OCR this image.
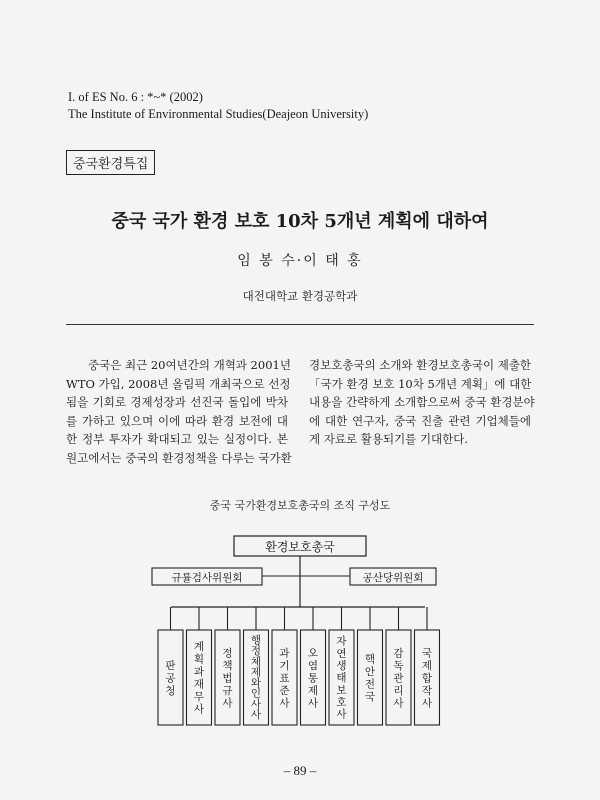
I. of ES No. 6 : *~* (2002)
The Institute of Environmental Studies(Deajeon University)
중국환경특집
중국 국가 환경 보호 10차 5개년 계획에 대하여
임 봉 수·이 태 홍
대전대학교 환경공학과

중국은 최근 20여년간의 개혁과 2001년

WTO 가입, 2008년 올림픽 개최국으로 선정

됨을 기회로 경제성장과 선진국 돌입에 박차

를 가하고 있으며 이에 따라 환경 보전에 대

한 정부 투자가 확대되고 있는 실정이다. 본

원고에서는 중국의 환경정책을 다루는 국가환

경보호총국의 소개와 환경보호총국이 제출한

「국가 환경 보호 10차 5개년 계획」에 대한

내용을 간략하게 소개함으로써 중국 환경분야

에 대한 연구자, 중국 진출 관련 기업체들에

게 자료로 활용되기를 기대한다.

중국 국가환경보호총국의 조직 구성도
환경보호총국
규률검사위원회	공산당위원회
판 공 청
계 획 과 재 무 사
정 책 법 규 사
행 정 체 제 와 인 사 사
과 기 표 준 사
오 염 통 제 사
자 연 생 태 보 호 사
핵 안 전 국
감 독 관 리 사
국 제 합 작 사
– 89 –
